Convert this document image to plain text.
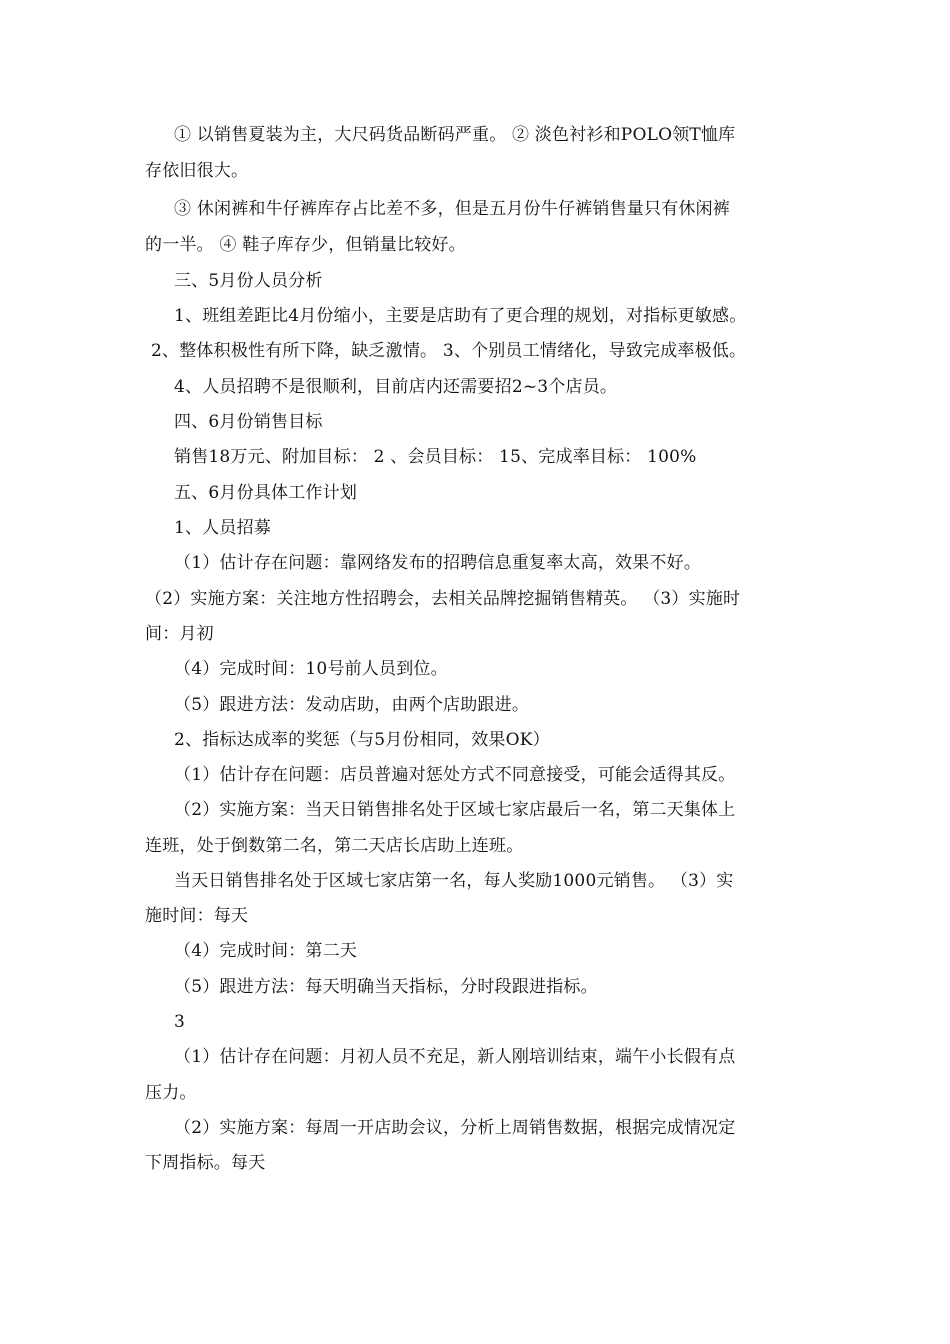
① 以销售夏装为主，大尺码货品断码严重。 ② 淡色衬衫和POLO领T恤库
存依旧很大。
③ 休闲裤和牛仔裤库存占比差不多，但是五月份牛仔裤销售量只有休闲裤
的一半。 ④ 鞋子库存少，但销量比较好。
三、5月份人员分析
1、班组差距比4月份缩小，主要是店助有了更合理的规划，对指标更敏感。
2、整体积极性有所下降，缺乏激情。 3、个别员工情绪化，导致完成率极低。
4、人员招聘不是很顺利，目前店内还需要招2~3个店员。
四、6月份销售目标
销售18万元、附加目标： 2 、会员目标： 15、完成率目标： 100%
五、6月份具体工作计划
1、人员招募
（1）估计存在问题：靠网络发布的招聘信息重复率太高，效果不好。
（2）实施方案：关注地方性招聘会，去相关品牌挖掘销售精英。 （3）实施时
间：月初
（4）完成时间：10号前人员到位。
（5）跟进方法：发动店助，由两个店助跟进。
2、指标达成率的奖惩（与5月份相同，效果OK）
（1）估计存在问题：店员普遍对惩处方式不同意接受，可能会适得其反。
（2）实施方案：当天日销售排名处于区域七家店最后一名，第二天集体上
连班，处于倒数第二名，第二天店长店助上连班。
当天日销售排名处于区域七家店第一名，每人奖励1000元销售。 （3）实
施时间：每天
（4）完成时间：第二天
（5）跟进方法：每天明确当天指标，分时段跟进指标。
3
（1）估计存在问题：月初人员不充足，新人刚培训结束，端午小长假有点
压力。
（2）实施方案：每周一开店助会议，分析上周销售数据，根据完成情况定
下周指标。每天
